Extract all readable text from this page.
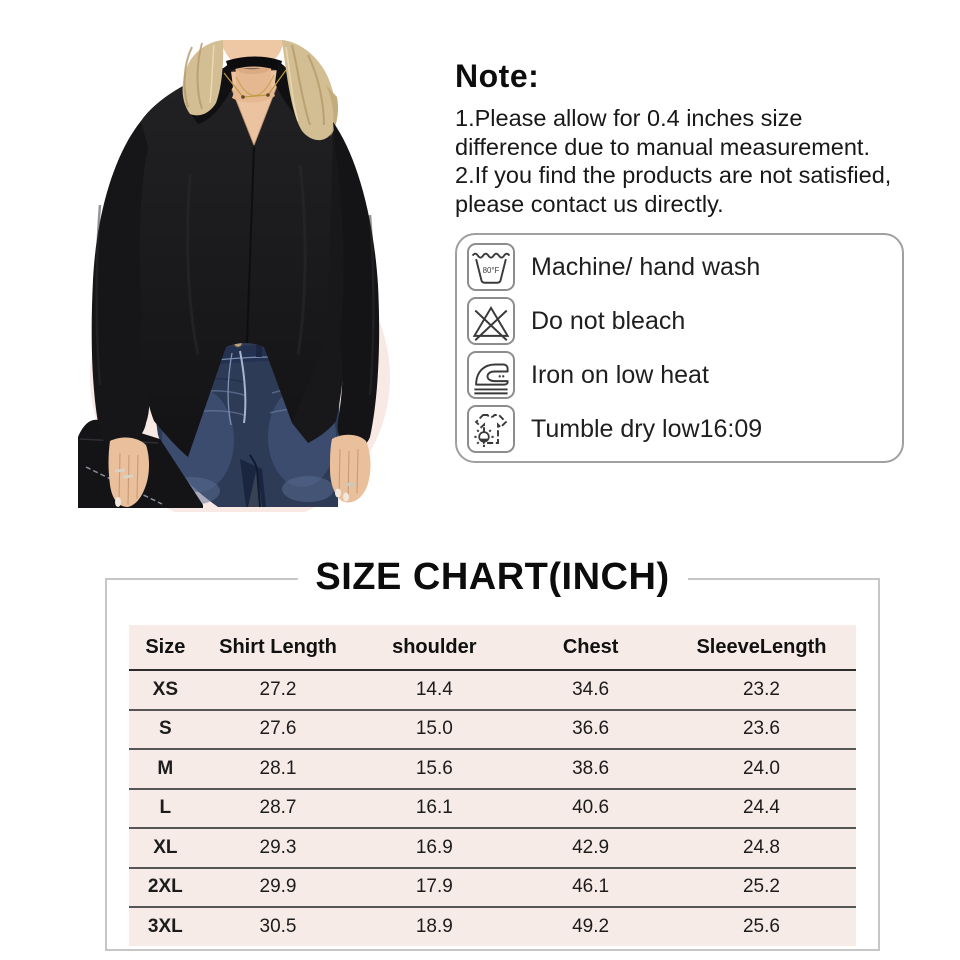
Note:
1.Please allow for 0.4 inches size
difference due to manual measurement.
2.If you find the products are not satisfied,
please contact us directly.
80°F Machine/ hand wash
Do not bleach
Iron on low heat
Tumble dry low16:09
SIZE CHART(INCH)
Size	Shirt Length	shoulder	Chest	SleeveLength
XS	27.2	14.4	34.6	23.2
S	27.6	15.0	36.6	23.6
M	28.1	15.6	38.6	24.0
L	28.7	16.1	40.6	24.4
XL	29.3	16.9	42.9	24.8
2XL	29.9	17.9	46.1	25.2
3XL	30.5	18.9	49.2	25.6
